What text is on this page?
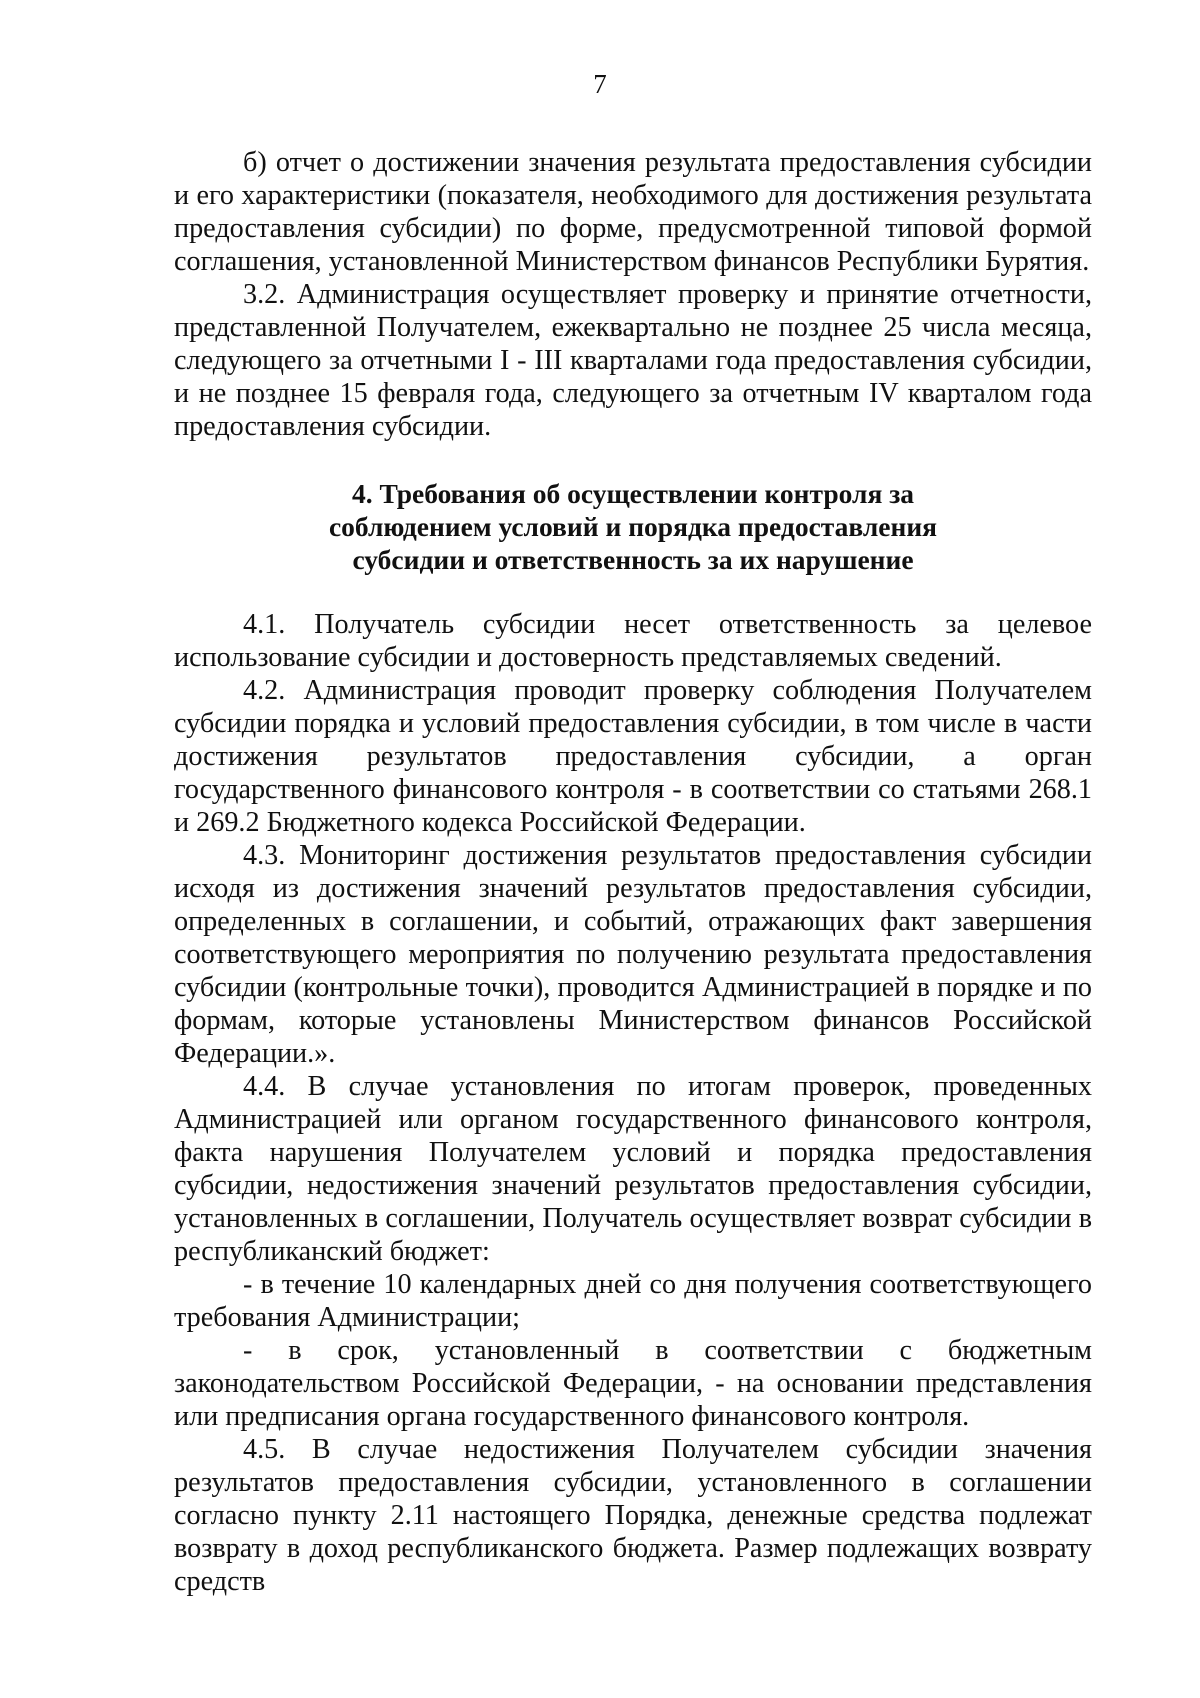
7

б) отчет о достижении значения результата предоставления субсидии и его характеристики (показателя, необходимого для достижения результата предоставления субсидии) по форме, предусмотренной типовой формой соглашения, установленной Министерством финансов Республики Бурятия.

3.2. Администрация осуществляет проверку и принятие отчетности, представленной Получателем, ежеквартально не позднее 25 числа месяца, следующего за отчетными I - III кварталами года предоставления субсидии, и не позднее 15 февраля года, следующего за отчетным IV кварталом года предоставления субсидии.

4. Требования об осуществлении контроля за
соблюдением условий и порядка предоставления
субсидии и ответственность за их нарушение

4.1. Получатель субсидии несет ответственность за целевое использование субсидии и достоверность представляемых сведений.

4.2. Администрация проводит проверку соблюдения Получателем субсидии порядка и условий предоставления субсидии, в том числе в части достижения результатов предоставления субсидии, а орган государственного финансового контроля - в соответствии со статьями 268.1 и 269.2 Бюджетного кодекса Российской Федерации.

4.3. Мониторинг достижения результатов предоставления субсидии исходя из достижения значений результатов предоставления субсидии, определенных в соглашении, и событий, отражающих факт завершения соответствующего мероприятия по получению результата предоставления субсидии (контрольные точки), проводится Администрацией в порядке и по формам, которые установлены Министерством финансов Российской Федерации.».

4.4. В случае установления по итогам проверок, проведенных Администрацией или органом государственного финансового контроля, факта нарушения Получателем условий и порядка предоставления субсидии, недостижения значений результатов предоставления субсидии, установленных в соглашении, Получатель осуществляет возврат субсидии в республиканский бюджет:

- в течение 10 календарных дней со дня получения соответствующего требования Администрации;

- в срок, установленный в соответствии с бюджетным законодательством Российской Федерации, - на основании представления или предписания органа государственного финансового контроля.

4.5. В случае недостижения Получателем субсидии значения результатов предоставления субсидии, установленного в соглашении согласно пункту 2.11 настоящего Порядка, денежные средства подлежат возврату в доход республиканского бюджета. Размер подлежащих возврату средств
